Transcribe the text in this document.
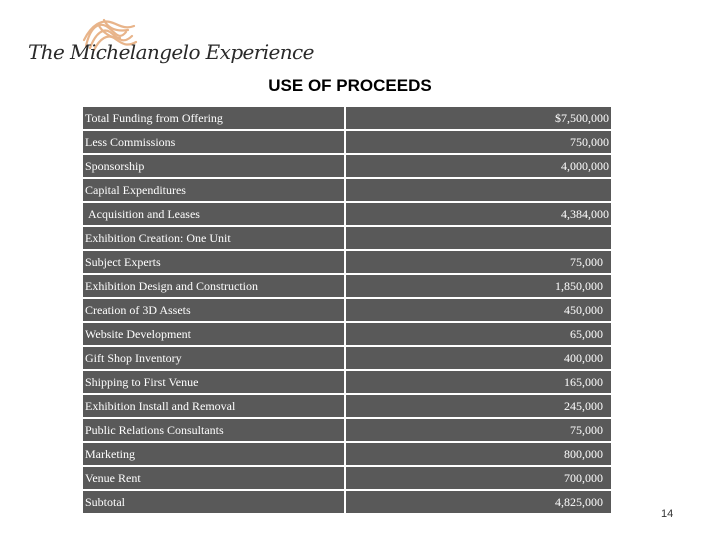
The Michelangelo Experience
USE OF PROCEEDS
Total Funding from Offering	$7,500,000
Less Commissions	750,000
Sponsorship	4,000,000
Capital Expenditures
Acquisition and Leases	4,384,000
Exhibition Creation: One Unit
Subject Experts	75,000
Exhibition Design and Construction	1,850,000
Creation of 3D Assets	450,000
Website Development	65,000
Gift Shop Inventory	400,000
Shipping to First Venue	165,000
Exhibition Install and Removal	245,000
Public Relations Consultants	75,000
Marketing	800,000
Venue Rent	700,000
Subtotal	4,825,000
14
